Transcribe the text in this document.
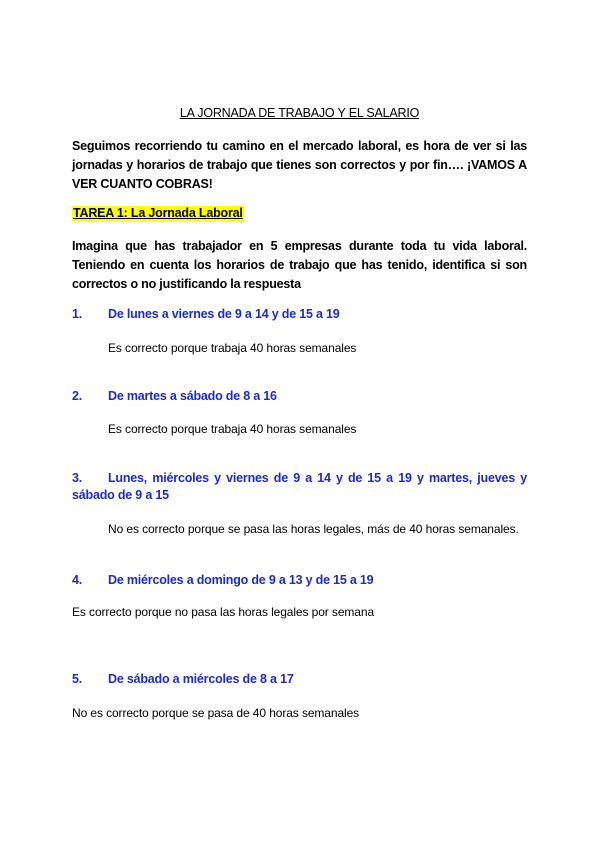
LA JORNADA DE TRABAJO Y EL SALARIO
Seguimos recorriendo tu camino en el mercado laboral, es hora de ver si las jornadas y horarios de trabajo que tienes son correctos y por fin…. ¡VAMOS A VER CUANTO COBRAS!
TAREA 1: La Jornada Laboral
Imagina que has trabajador en 5 empresas durante toda tu vida laboral. Teniendo en cuenta los horarios de trabajo que has tenido, identifica si son correctos o no justificando la respuesta
1. De lunes a viernes de 9 a 14 y de 15 a 19
Es correcto porque trabaja 40 horas semanales
2. De martes a sábado de 8 a 16
Es correcto porque trabaja 40 horas semanales
3. Lunes, miércoles y viernes de 9 a 14 y de 15 a 19 y martes, jueves y sábado de 9 a 15
No es correcto porque se pasa las horas legales, más de 40 horas semanales.
4. De miércoles a domingo de 9 a 13 y de 15 a 19
Es correcto porque no pasa las horas legales por semana
5. De sábado a miércoles de 8 a 17
No es correcto porque se pasa de 40 horas semanales
